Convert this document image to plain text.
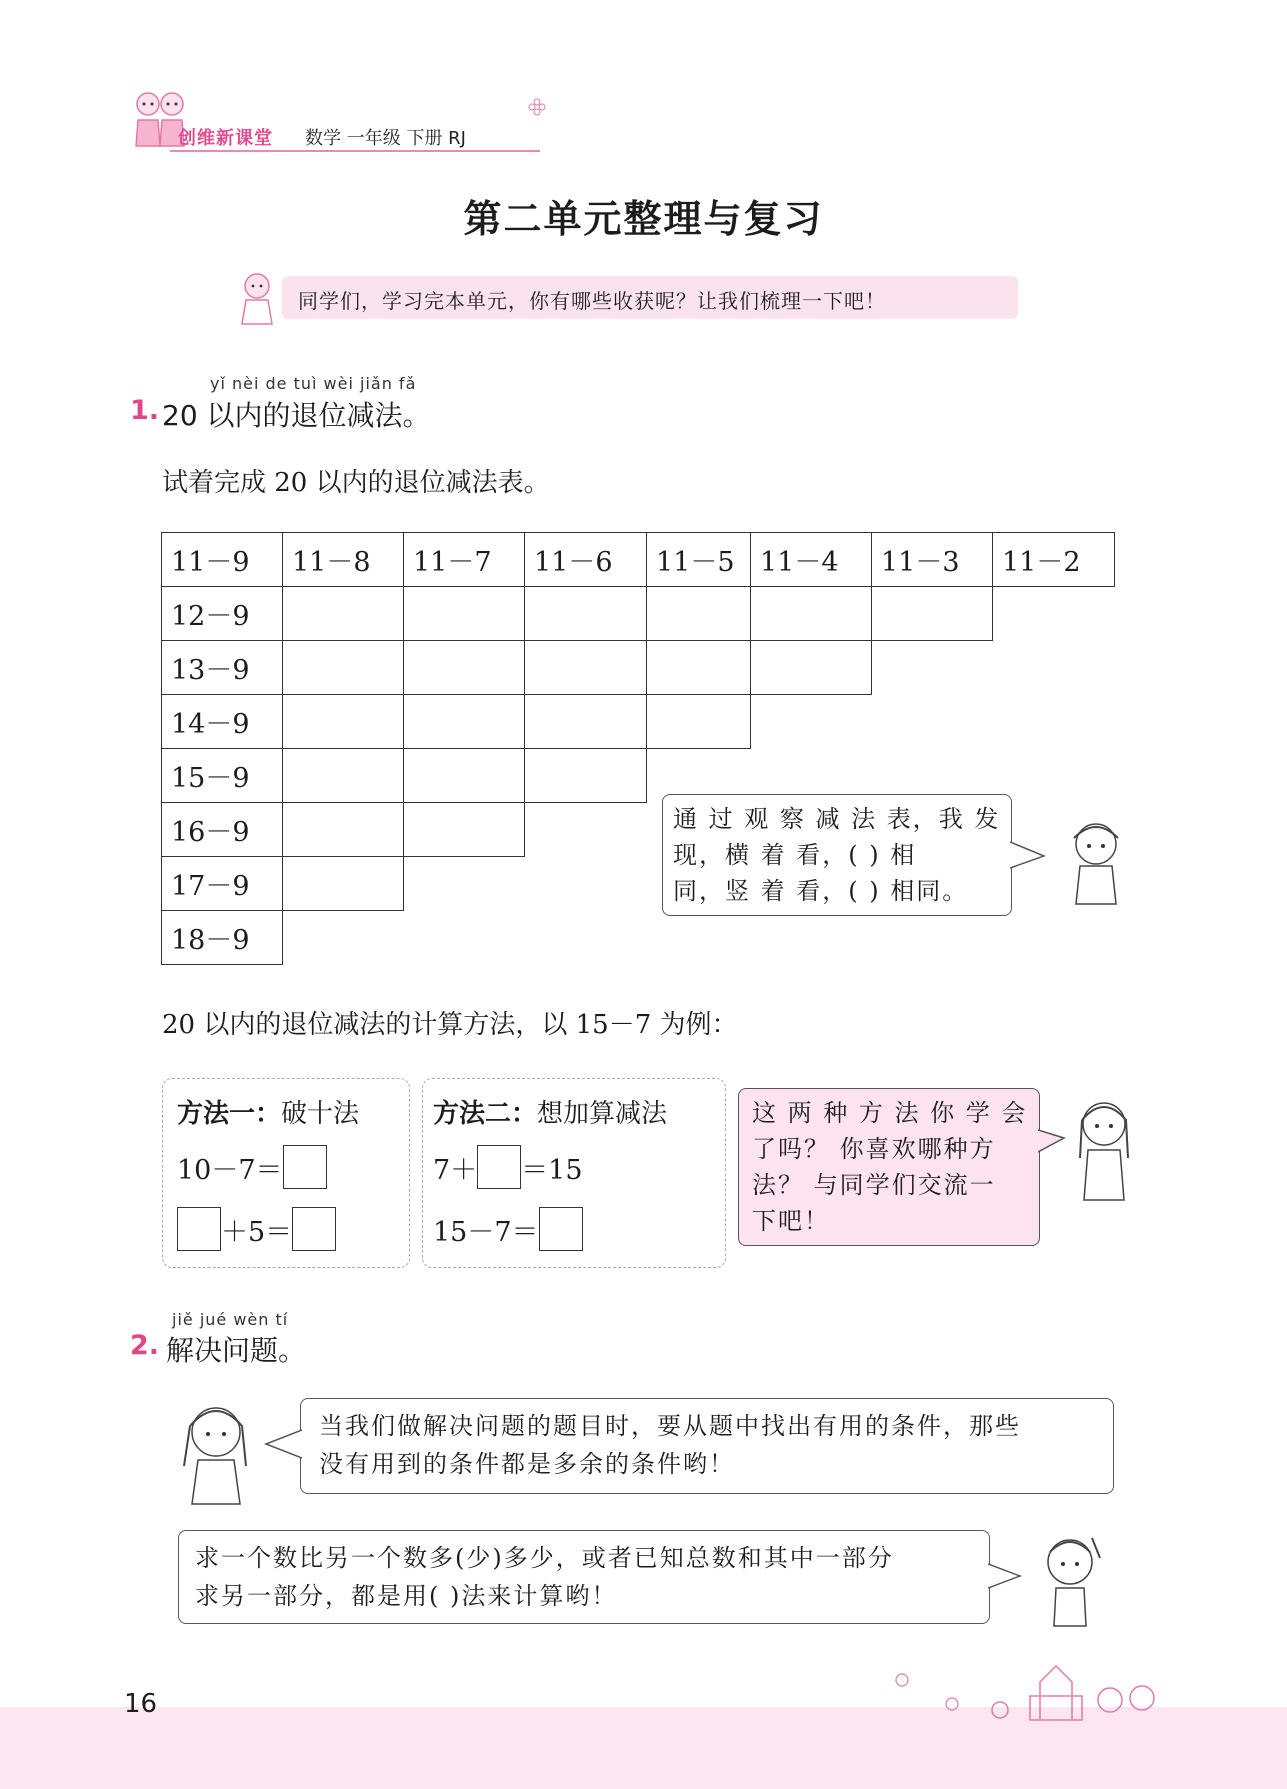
创维新课堂 数学 一年级 下册 RJ
第二单元整理与复习
同学们，学习完本单元，你有哪些收获呢？让我们梳理一下吧！
yǐ nèi de tuì wèi jiǎn fǎ
1. 20 以内的退位减法。
试着完成 20 以内的退位减法表。
11－9	11－8	11－7	11－6	11－5 11－4	11－3	11－2
12－9
13－9
14－9
15－9
16－9
17－9
18－9
通 过 观 察 减 法 表，我 发
现，横 着 看，( ) 相
同，竖 着 看，( ) 相同。
20 以内的退位减法的计算方法，以 15－7 为例：
方法一：破十法
10－7＝
＋5＝
方法二：想加算减法
7＋ ＝15
15－7＝
这 两 种 方 法 你 学 会
了吗？ 你喜欢哪种方
法？ 与同学们交流一
下吧！
jiě jué wèn tí
2. 解决问题。
当我们做解决问题的题目时，要从题中找出有用的条件，那些
没有用到的条件都是多余的条件哟！
求一个数比另一个数多(少)多少，或者已知总数和其中一部分
求另一部分，都是用( )法来计算哟！
16
